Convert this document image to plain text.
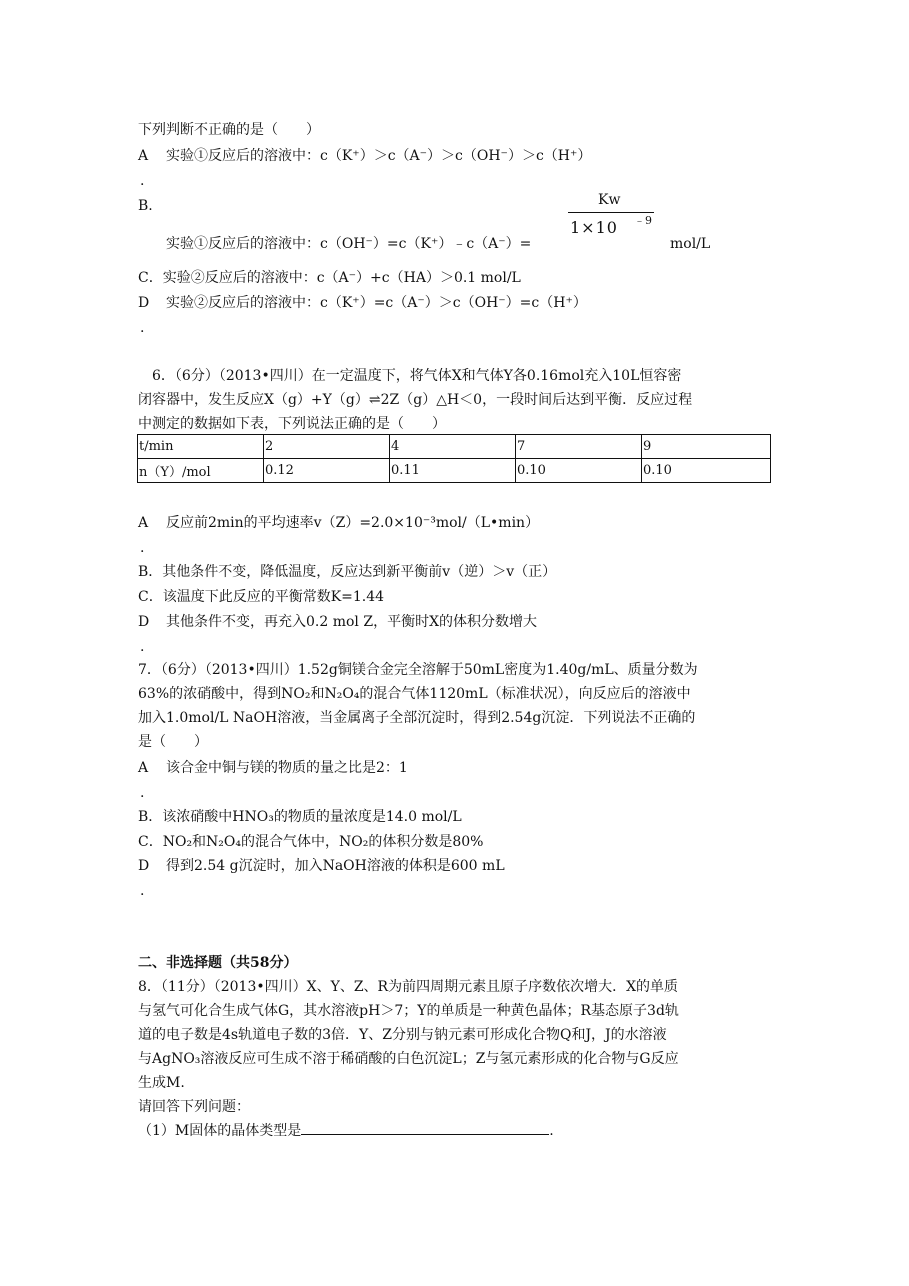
下列判断不正确的是（　　）
A 实验①反应后的溶液中：c（K⁺）＞c（A⁻）＞c（OH⁻）＞c（H⁺）
.
B.	Kw
1×10 ﹣9
实验①反应后的溶液中：c（OH⁻）=c（K⁺）﹣c（A⁻）=	mol/L
C．实验②反应后的溶液中：c（A⁻）+c（HA）＞0.1 mol/L
D 实验②反应后的溶液中：c（K⁺）=c（A⁻）＞c（OH⁻）=c（H⁺）
.
6．（6分）（2013•四川）在一定温度下，将气体X和气体Y各0.16mol充入10L恒容密
闭容器中，发生反应X（g）+Y（g）⇌2Z（g）△H＜0，一段时间后达到平衡．反应过程
中测定的数据如下表，下列说法正确的是（　　）
t/min	2	4	7	9
n（Y）/mol	0.12	0.11	0.10	0.10
A 反应前2min的平均速率v（Z）=2.0×10⁻³mol/（L•min）
.
B．其他条件不变，降低温度，反应达到新平衡前v（逆）＞v（正）
C．该温度下此反应的平衡常数K=1.44
D 其他条件不变，再充入0.2 mol Z，平衡时X的体积分数增大
.
7．（6分）（2013•四川）1.52g铜镁合金完全溶解于50mL密度为1.40g/mL、质量分数为
63%的浓硝酸中，得到NO₂和N₂O₄的混合气体1120mL（标准状况），向反应后的溶液中
加入1.0mol/L NaOH溶液，当金属离子全部沉淀时，得到2.54g沉淀．下列说法不正确的
是（　　）
A 该合金中铜与镁的物质的量之比是2：1
.
B．该浓硝酸中HNO₃的物质的量浓度是14.0 mol/L
C．NO₂和N₂O₄的混合气体中，NO₂的体积分数是80%
D 得到2.54 g沉淀时，加入NaOH溶液的体积是600 mL
.
二、非选择题（共58分）
8．（11分）（2013•四川）X、Y、Z、R为前四周期元素且原子序数依次增大．X的单质
与氢气可化合生成气体G，其水溶液pH＞7；Y的单质是一种黄色晶体；R基态原子3d轨
道的电子数是4s轨道电子数的3倍．Y、Z分别与钠元素可形成化合物Q和J，J的水溶液
与AgNO₃溶液反应可生成不溶于稀硝酸的白色沉淀L；Z与氢元素形成的化合物与G反应
生成M.
请回答下列问题：
（1）M固体的晶体类型是	.
